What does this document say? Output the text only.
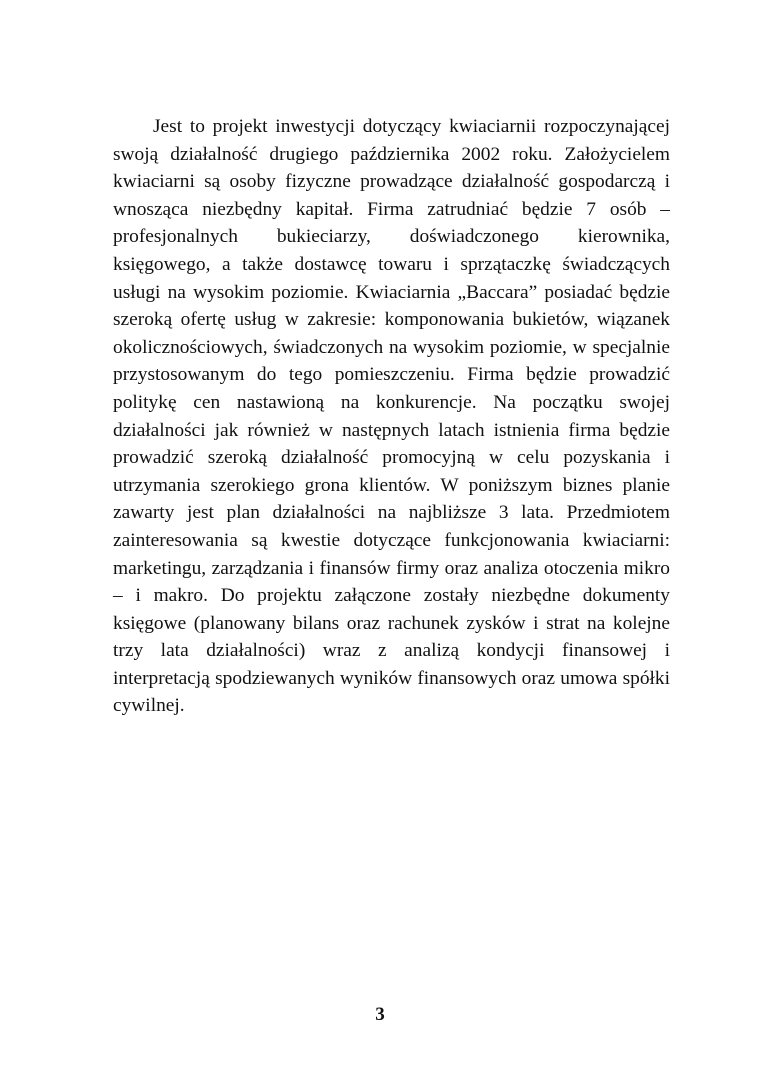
Jest to projekt inwestycji dotyczący kwiaciarnii rozpoczynającej swoją działalność drugiego października 2002 roku. Założycielem kwiaciarni są osoby fizyczne prowadzące działalność gospodarczą i wnosząca niezbędny kapitał. Firma zatrudniać będzie 7 osób – profesjonalnych bukieciarzy, doświadczonego kierownika, księgowego, a także dostawcę towaru i sprzątaczkę świadczących usługi na wysokim poziomie. Kwiaciarnia „Baccara” posiadać będzie szeroką ofertę usług w zakresie: komponowania bukietów, wiązanek okolicznościowych, świadczonych na wysokim poziomie, w specjalnie przystosowanym do tego pomieszczeniu. Firma będzie prowadzić politykę cen nastawioną na konkurencje. Na początku swojej działalności jak również w następnych latach istnienia firma będzie prowadzić szeroką działalność promocyjną w celu pozyskania i utrzymania szerokiego grona klientów. W poniższym biznes planie zawarty jest plan działalności na najbliższe 3 lata. Przedmiotem zainteresowania są kwestie dotyczące funkcjonowania kwiaciarni: marketingu, zarządzania i finansów firmy oraz analiza otoczenia mikro – i makro. Do projektu załączone zostały niezbędne dokumenty księgowe (planowany bilans oraz rachunek zysków i strat na kolejne trzy lata działalności) wraz z analizą kondycji finansowej i interpretacją spodziewanych wyników finansowych oraz umowa spółki cywilnej.

3
